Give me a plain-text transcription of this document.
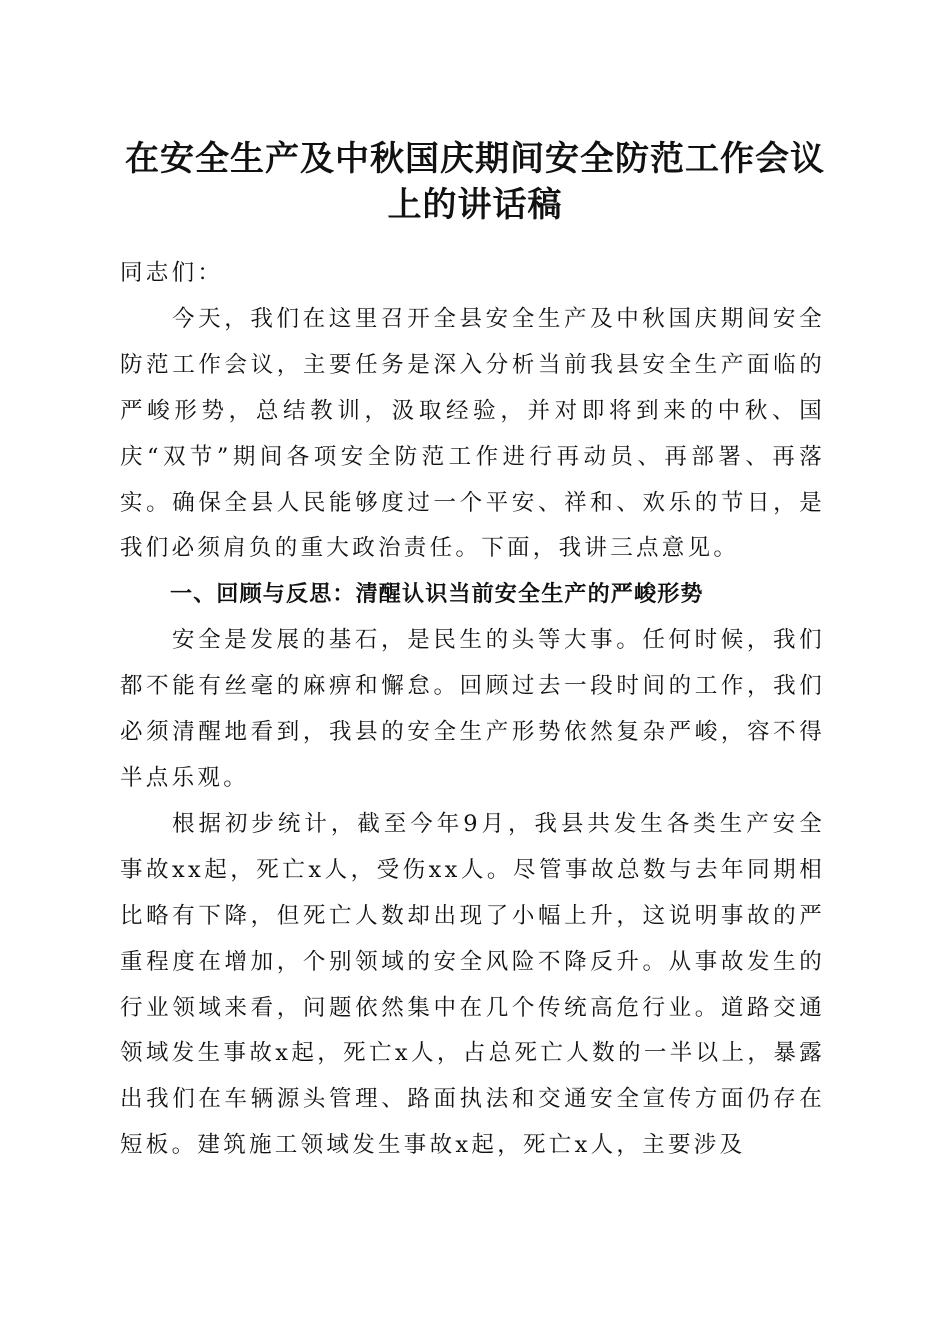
在安全生产及中秋国庆期间安全防范工作会议
上的讲话稿

同志们：

今天，我们在这里召开全县安全生产及中秋国庆期间安全防范工作会议，主要任务是深入分析当前我县安全生产面临的严峻形势，总结教训，汲取经验，并对即将到来的中秋、国庆“双节”期间各项安全防范工作进行再动员、再部署、再落实。确保全县人民能够度过一个平安、祥和、欢乐的节日，是我们必须肩负的重大政治责任。下面，我讲三点意见。

一、回顾与反思：清醒认识当前安全生产的严峻形势

安全是发展的基石，是民生的头等大事。任何时候，我们都不能有丝毫的麻痹和懈怠。回顾过去一段时间的工作，我们必须清醒地看到，我县的安全生产形势依然复杂严峻，容不得半点乐观。

根据初步统计，截至今年9月，我县共发生各类生产安全事故xx起，死亡x人，受伤xx人。尽管事故总数与去年同期相比略有下降，但死亡人数却出现了小幅上升，这说明事故的严重程度在增加，个别领域的安全风险不降反升。从事故发生的行业领域来看，问题依然集中在几个传统高危行业。道路交通领域发生事故x起，死亡x人，占总死亡人数的一半以上，暴露出我们在车辆源头管理、路面执法和交通安全宣传方面仍存在短板。建筑施工领域发生事故x起，死亡x人，主要涉及
